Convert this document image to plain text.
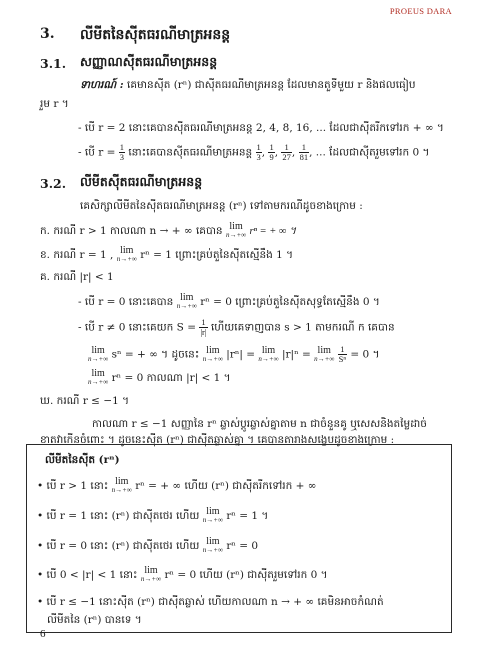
PROEUS DARA
3. លីមីតនៃស៊ីតធរណីមាត្រអនន្ត
3.1. សញ្ញាណស៊ីតធរណីមាត្រអនន្ត
ទាហរណ៍ : គេមានស៊ីត (rⁿ) ជាស៊ីតធរណីមាត្រអនន្ត ដែលមានតួទីមួយ r និងផលធៀប
រួម r ។
- បើ r = 2 នោះគេបានស៊ីតធរណីមាត្រអនន្ត 2, 4, 8, 16, ... ដែលជាស៊ីតរីកទៅរក + ∞ ។
- បើ $r = \frac{1}{3}$ នោះគេបានស៊ីតធរណីមាត្រអនន្ត $\frac{1}{3}$ , $\frac{1}{9}$ , $\frac{1}{27}$ , $\frac{1}{81}$ , ... ដែលជាស៊ីតរួមទៅរក 0 ។
3.2. លីមីតស៊ីតធរណីមាត្រអនន្ត
គេសិក្សាលីមីតនៃស៊ីតធរណីមាត្រអនន្ត (rⁿ) ទៅតាមករណីដូចខាងក្រោម :
ក. ករណី r > 1 កាលណា n → + ∞ គេបាន lim
n→+∞ rⁿ = + ∞ ។
ខ. ករណី r = 1 , lim
n→+∞ rⁿ = 1 ព្រោះគ្រប់តួនៃស៊ីតស្មើនឹង 1 ។
គ. ករណី |r| < 1
- បើ r = 0 នោះគេបាន lim
n→+∞ rⁿ = 0 ព្រោះគ្រប់តួនៃស៊ីតសុទ្ធតែស្មើនឹង 0 ។
- បើ r ≠ 0 នោះគេយក $S = \frac{1}{|r|}$ ហើយគេទាញបាន s > 1 តាមករណី ក គេបាន
lim
n→+∞ sⁿ = + ∞ ។ ដូចនេះ lim
n→+∞ |rⁿ| = lim
n→+∞ |r|ⁿ = lim
n→+∞
$\frac{1}{\text{Sⁿ}} = 0$ ។
lim
n→+∞ rⁿ = 0 កាលណា |r| < 1 ។
ឃ. ករណី r ≤ −1 ។
កាលណា r ≤ −1 សញ្ញានៃ rⁿ ឆ្លាស់ប្តូរឆ្លាស់គ្នាតាម n ជាចំនួនគូ ឬសេសនិងតម្លៃដាច់
ខាតវាកើនចំពោះ ។ ដូចនេះស៊ីត (rⁿ) ជាស៊ីតឆ្លាស់គ្នា ។ គេបានតារាងសង្ខេបដូចខាងក្រោម :
លីមីតនៃស៊ីត (rⁿ)
• បើ r > 1 នោះ lim
n→+∞ rⁿ = + ∞ ហើយ (rⁿ) ជាស៊ីតរីកទៅរក + ∞
• បើ r = 1 នោះ (rⁿ) ជាស៊ីតថេរ ហើយ lim
n→+∞ rⁿ = 1 ។
• បើ r = 0 នោះ (rⁿ) ជាស៊ីតថេរ ហើយ lim
n→+∞ rⁿ = 0
• បើ 0 < |r| < 1 នោះ lim
n→+∞ rⁿ = 0 ហើយ (rⁿ) ជាស៊ីតរួមទៅរក 0 ។
• បើ r ≤ −1 នោះស៊ីត (rⁿ) ជាស៊ីតឆ្លាស់ ហើយកាលណា n → + ∞ គេមិនអាចកំណត់
លីមីតនៃ (rⁿ) បានទេ ។
6
